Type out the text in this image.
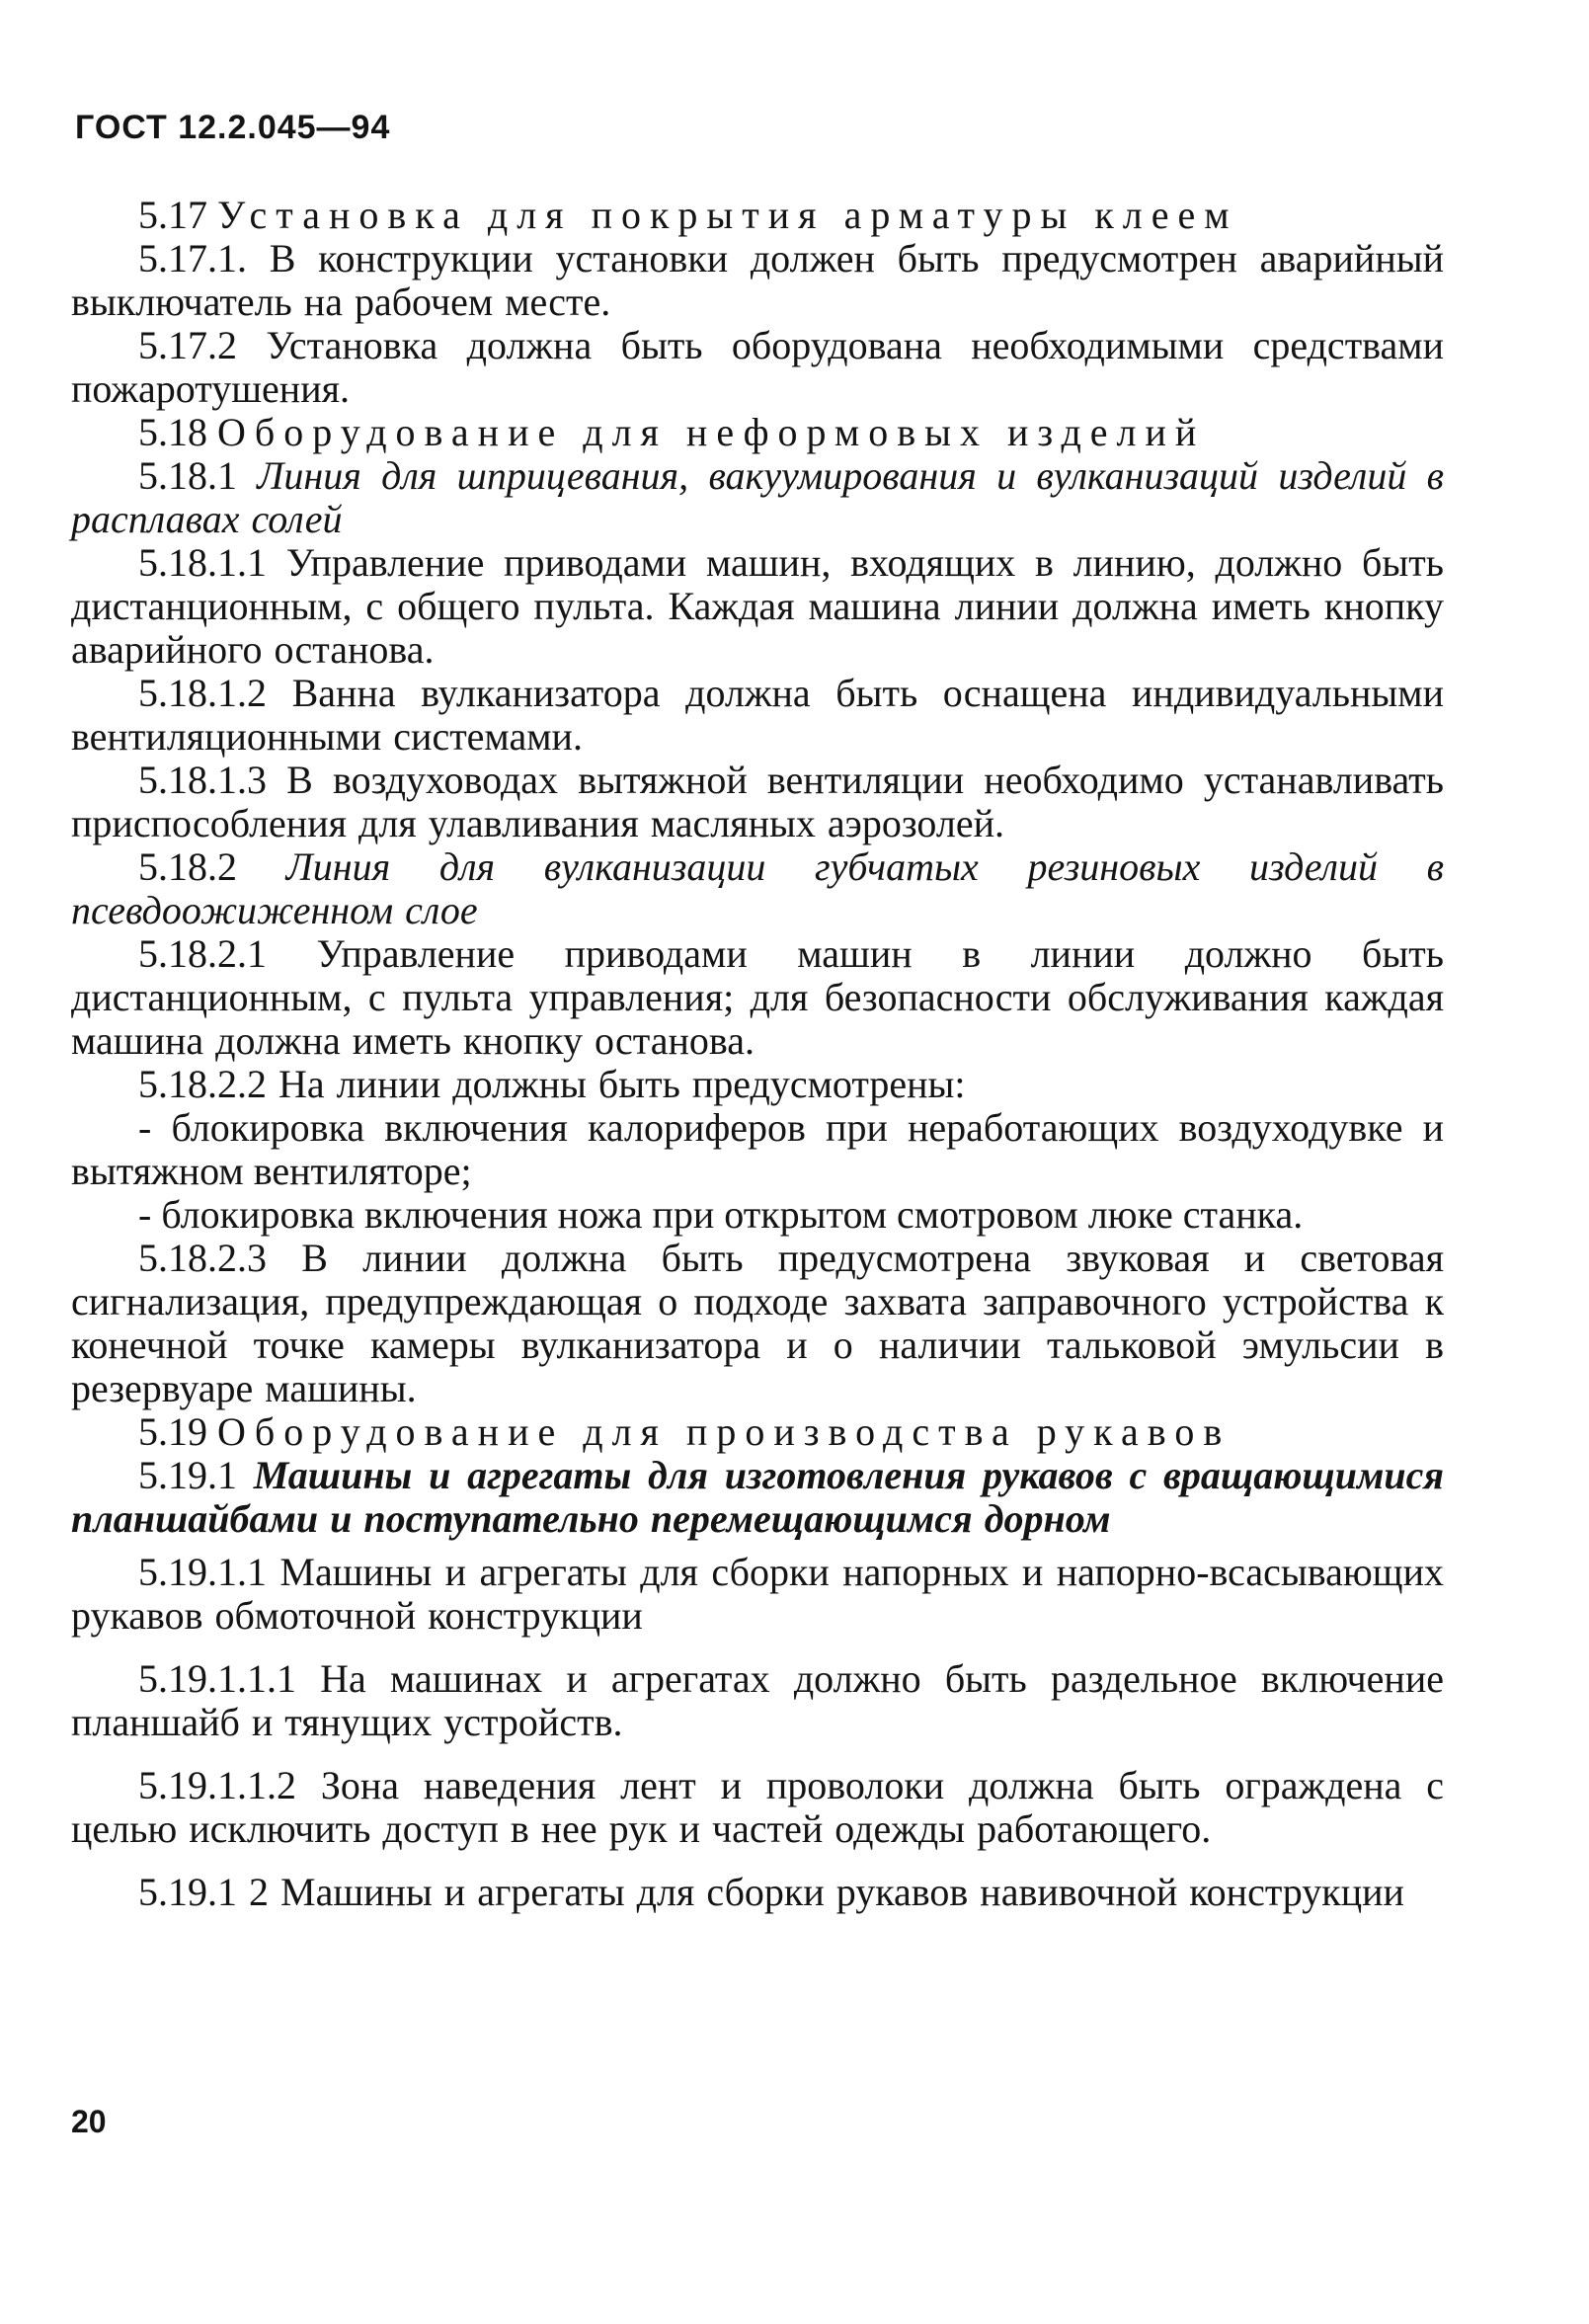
ГОСТ 12.2.045—94

5.17 Установка для покрытия арматуры клеем

5.17.1. В конструкции установки должен быть предусмотрен аварийный выключатель на рабочем месте.

5.17.2 Установка должна быть оборудована необходимыми средствами пожаротушения.

5.18 Оборудование для неформовых изделий

5.18.1 Линия для шприцевания, вакуумирования и вулканизаций изделий в расплавах солей

5.18.1.1 Управление приводами машин, входящих в линию, должно быть дистанционным, с общего пульта. Каждая машина линии должна иметь кнопку аварийного останова.

5.18.1.2 Ванна вулканизатора должна быть оснащена индивидуальными вентиляционными системами.

5.18.1.3 В воздуховодах вытяжной вентиляции необходимо устанавливать приспособления для улавливания масляных аэрозолей.

5.18.2 Линия для вулканизации губчатых резиновых изделий в псевдоожиженном слое

5.18.2.1 Управление приводами машин в линии должно быть дистанционным, с пульта управления; для безопасности обслуживания каждая машина должна иметь кнопку останова.

5.18.2.2 На линии должны быть предусмотрены:

- блокировка включения калориферов при неработающих воздуходувке и вытяжном вентиляторе;

- блокировка включения ножа при открытом смотровом люке станка.

5.18.2.3 В линии должна быть предусмотрена звуковая и световая сигнализация, предупреждающая о подходе захвата заправочного устройства к конечной точке камеры вулканизатора и о наличии тальковой эмульсии в резервуаре машины.

5.19 Оборудование для производства рукавов

5.19.1 Машины и агрегаты для изготовления рукавов с вращающимися планшайбами и поступательно перемещающимся дорном

5.19.1.1 Машины и агрегаты для сборки напорных и напорно-всасывающих рукавов обмоточной конструкции

5.19.1.1.1 На машинах и агрегатах должно быть раздельное включение планшайб и тянущих устройств.

5.19.1.1.2 Зона наведения лент и проволоки должна быть ограждена с целью исключить доступ в нее рук и частей одежды работающего.

5.19.1 2 Машины и агрегаты для сборки рукавов навивочной конструкции

20
